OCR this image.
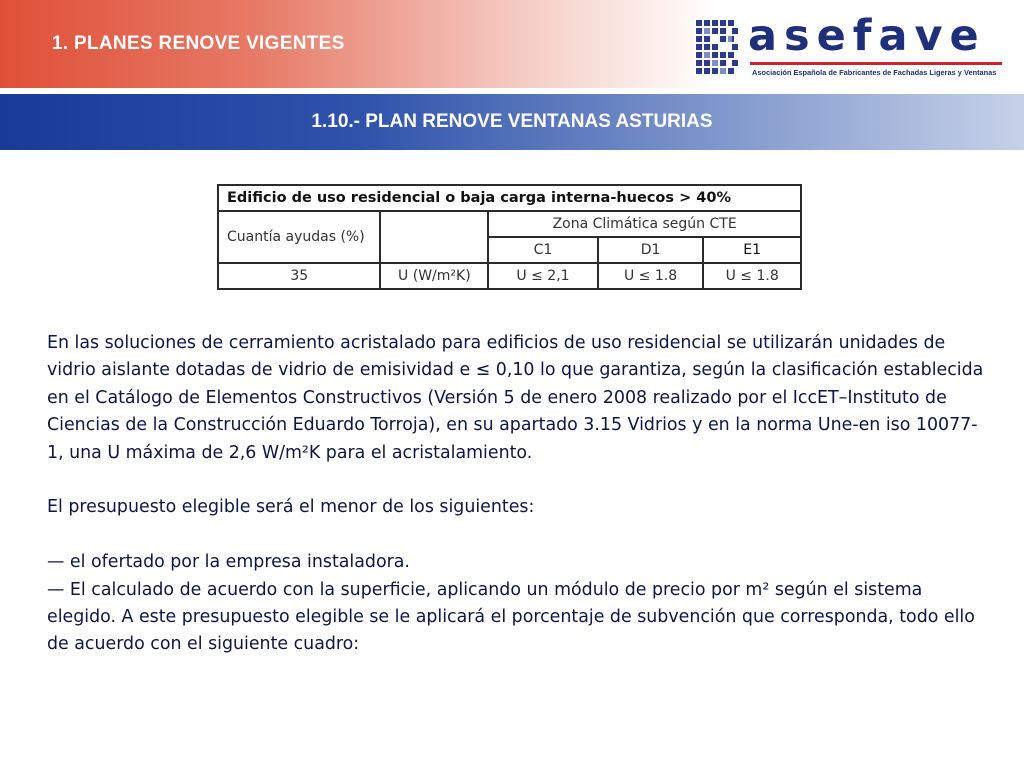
1. PLANES RENOVE VIGENTES	asefave
Asociación Española de Fabricantes de Fachadas Ligeras y Ventanas
1.10.- PLAN RENOVE VENTANAS ASTURIAS
Edificio de uso residencial o baja carga interna-huecos > 40%				
Cuantía ayudas (%)		Zona Climática según CTE		
		C1	D1	E1
35	U (W/m²K)	U ≤ 2,1	U ≤ 1.8	U ≤ 1.8

En las soluciones de cerramiento acristalado para edificios de uso residencial se utilizarán unidades de vidrio aislante dotadas de vidrio de emisividad e ≤ 0,10 lo que garantiza, según la clasificación establecida en el Catálogo de Elementos Constructivos (Versión 5 de enero 2008 realizado por el IccET–Instituto de Ciencias de la Construcción Eduardo Torroja), en su apartado 3.15 Vidrios y en la norma Une-en iso 10077-1, una U máxima de 2,6 W/m²K para el acristalamiento.

El presupuesto elegible será el menor de los siguientes:

— el ofertado por la empresa instaladora.

— El calculado de acuerdo con la superficie, aplicando un módulo de precio por m² según el sistema elegido. A este presupuesto elegible se le aplicará el porcentaje de subvención que corresponda, todo ello de acuerdo con el siguiente cuadro:
